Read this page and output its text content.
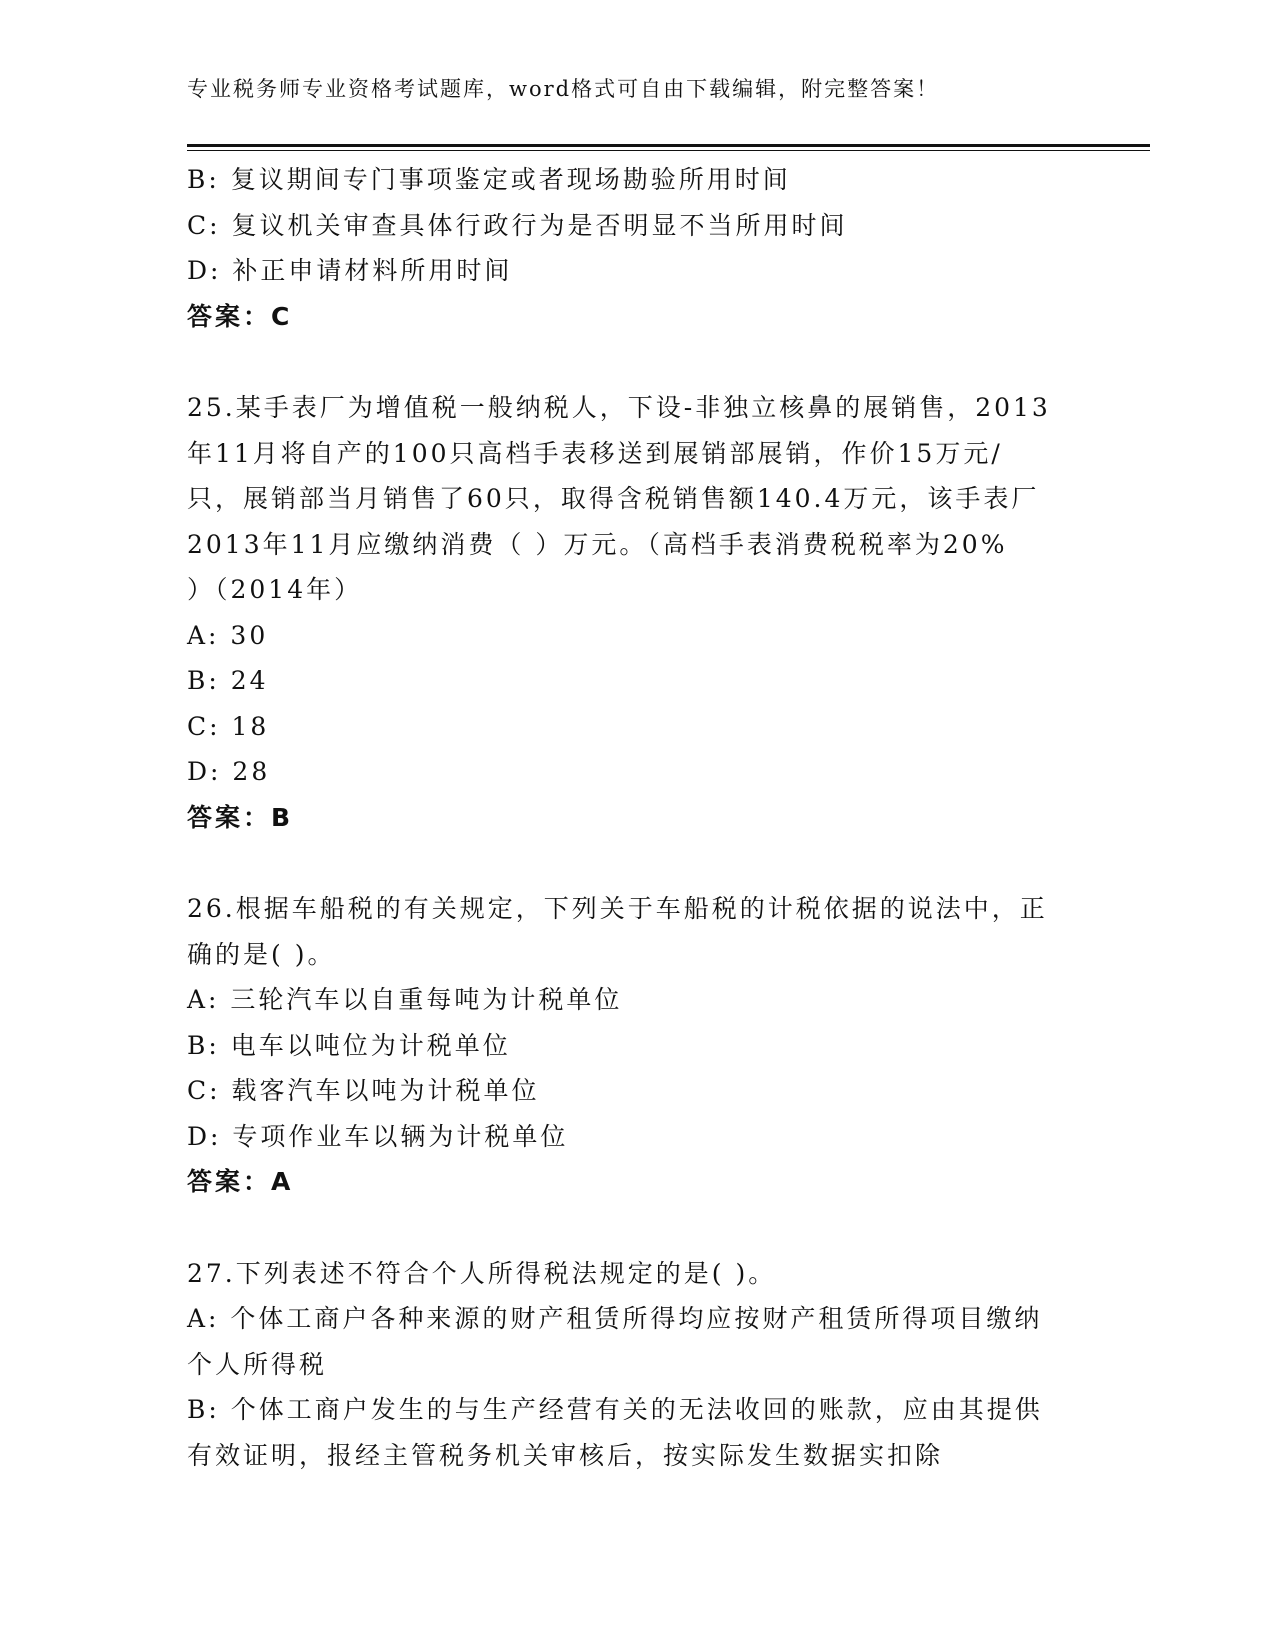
专业税务师专业资格考试题库，word格式可自由下载编辑，附完整答案！
B: 复议期间专门事项鉴定或者现场勘验所用时间
C: 复议机关审查具体行政行为是否明显不当所用时间
D: 补正申请材料所用时间
答案：C
25.某手表厂为增值税一般纳税人，下设-非独立核鼻的展销售，2013
年11月将自产的100只高档手表移送到展销部展销，作价15万元/
只，展销部当月销售了60只，取得含税销售额140.4万元，该手表厂
2013年11月应缴纳消费（ ）万元。（高档手表消费税税率为20%
）（2014年）
A: 30
B: 24
C: 18
D: 28
答案：B
26.根据车船税的有关规定，下列关于车船税的计税依据的说法中，正
确的是( )。
A: 三轮汽车以自重每吨为计税单位
B: 电车以吨位为计税单位
C: 载客汽车以吨为计税单位
D: 专项作业车以辆为计税单位
答案：A
27.下列表述不符合个人所得税法规定的是( )。
A: 个体工商户各种来源的财产租赁所得均应按财产租赁所得项目缴纳
个人所得税
B: 个体工商户发生的与生产经营有关的无法收回的账款，应由其提供
有效证明，报经主管税务机关审核后，按实际发生数据实扣除
